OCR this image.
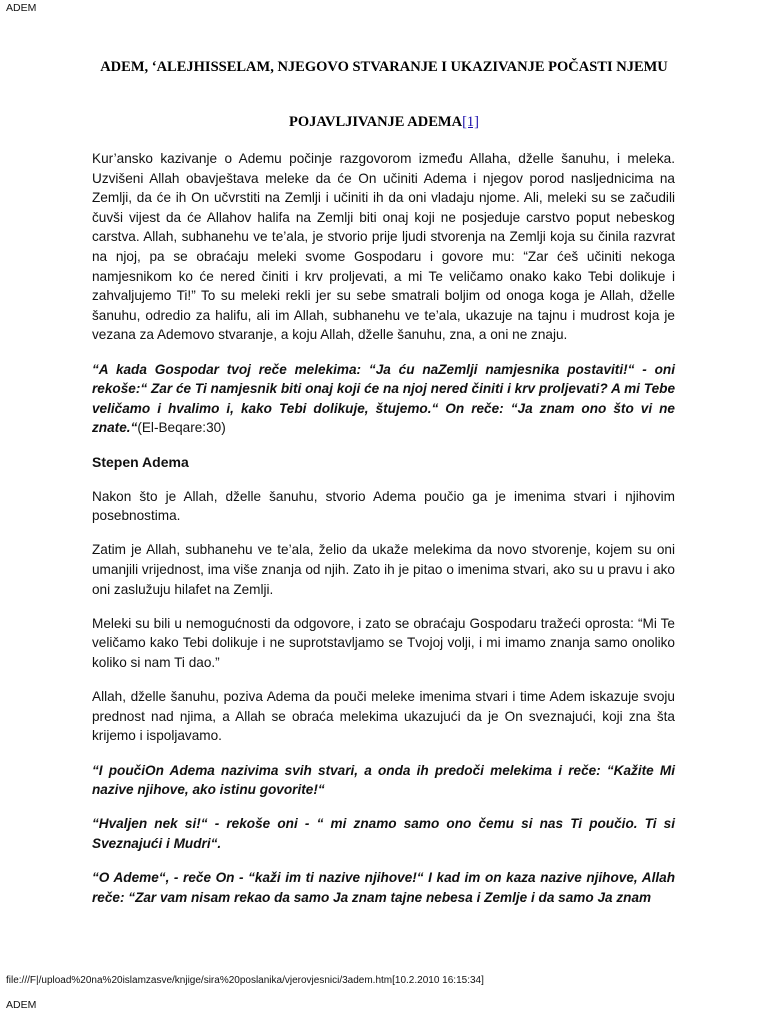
ADEM
ADEM, ‘ALEJHISSELAM, NJEGOVO STVARANJE I UKAZIVANJE POČASTI NJEMU
POJAVLJIVANJE ADEMA[1]

Kur’ansko kazivanje o Ademu počinje razgovorom između Allaha, dželle šanuhu, i meleka. Uzvišeni Allah obavještava meleke da će On učiniti Adema i njegov porod nasljednicima na Zemlji, da će ih On učvrstiti na Zemlji i učiniti ih da oni vladaju njome. Ali, meleki su se začudili čuvši vijest da će Allahov halifa na Zemlji biti onaj koji ne posjeduje carstvo poput nebeskog carstva. Allah, subhanehu ve te’ala, je stvorio prije ljudi stvorenja na Zemlji koja su činila razvrat na njoj, pa se obraćaju meleki svome Gospodaru i govore mu: “Zar ćeš učiniti nekoga namjesnikom ko će nered činiti i krv proljevati, a mi Te veličamo onako kako Tebi dolikuje i zahvaljujemo Ti!” To su meleki rekli jer su sebe smatrali boljim od onoga koga je Allah, dželle šanuhu, odredio za halifu, ali im Allah, subhanehu ve te’ala, ukazuje na tajnu i mudrost koja je vezana za Ademovo stvaranje, a koju Allah, dželle šanuhu, zna, a oni ne znaju.

“A kada Gospodar tvoj reče melekima: “Ja ću naZemlji namjesnika postaviti!“ - oni rekoše:“ Zar će Ti namjesnik biti onaj koji će na njoj nered činiti i krv proljevati? A mi Tebe veličamo i hvalimo i, kako Tebi dolikuje, štujemo.“ On reče: “Ja znam ono što vi ne znate.“(El-Beqare:30)

Stepen Adema

Nakon što je Allah, dželle šanuhu, stvorio Adema poučio ga je imenima stvari i njihovim posebnostima.

Zatim je Allah, subhanehu ve te’ala, želio da ukaže melekima da novo stvorenje, kojem su oni umanjili vrijednost, ima više znanja od njih. Zato ih je pitao o imenima stvari, ako su u pravu i ako oni zaslužuju hilafet na Zemlji.

Meleki su bili u nemogućnosti da odgovore, i zato se obraćaju Gospodaru tražeći oprosta: “Mi Te veličamo kako Tebi dolikuje i ne suprotstavljamo se Tvojoj volji, i mi imamo znanja samo onoliko koliko si nam Ti dao.”

Allah, dželle šanuhu, poziva Adema da pouči meleke imenima stvari i time Adem iskazuje svoju prednost nad njima, a Allah se obraća melekima ukazujući da je On sveznajući, koji zna šta krijemo i ispoljavamo.

“I poučiOn Adema nazivima svih stvari, a onda ih predoči melekima i reče: “Kažite Mi nazive njihove, ako istinu govorite!“

“Hvaljen nek si!“ - rekoše oni - “ mi znamo samo ono čemu si nas Ti poučio. Ti si Sveznajući i Mudri“.

“O Ademe“, - reče On - “kaži im ti nazive njihove!“ I kad im on kaza nazive njihove, Allah reče: “Zar vam nisam rekao da samo Ja znam tajne nebesa i Zemlje i da samo Ja znam

file:///F|/upload%20na%20islamzasve/knjige/sira%20poslanika/vjerovjesnici/3adem.htm[10.2.2010 16:15:34]
ADEM
